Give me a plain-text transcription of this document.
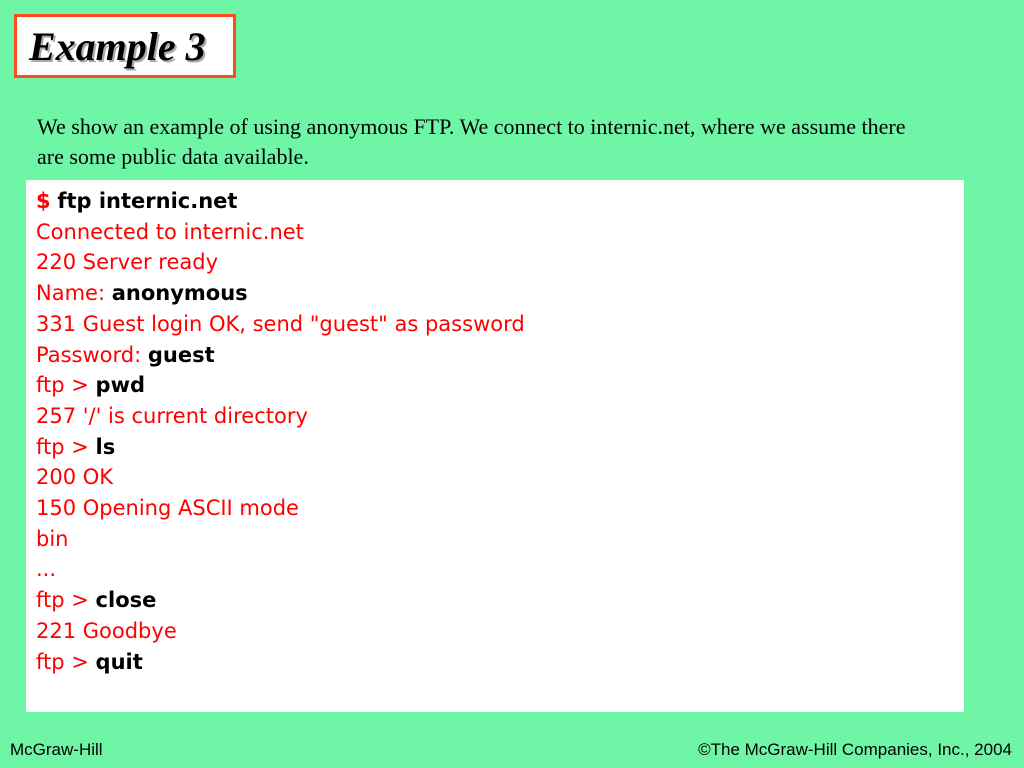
Example 3
We show an example of using anonymous FTP. We connect to internic.net, where we assume there are some public data available.
$ ftp internic.net
Connected to internic.net
220 Server ready
Name: anonymous
331 Guest login OK, send "guest" as password
Password: guest
ftp > pwd
257 '/' is current directory
ftp > ls
200 OK
150 Opening ASCII mode
bin
...
ftp > close
221 Goodbye
ftp > quit
McGraw-Hill	©The McGraw-Hill Companies, Inc., 2004
